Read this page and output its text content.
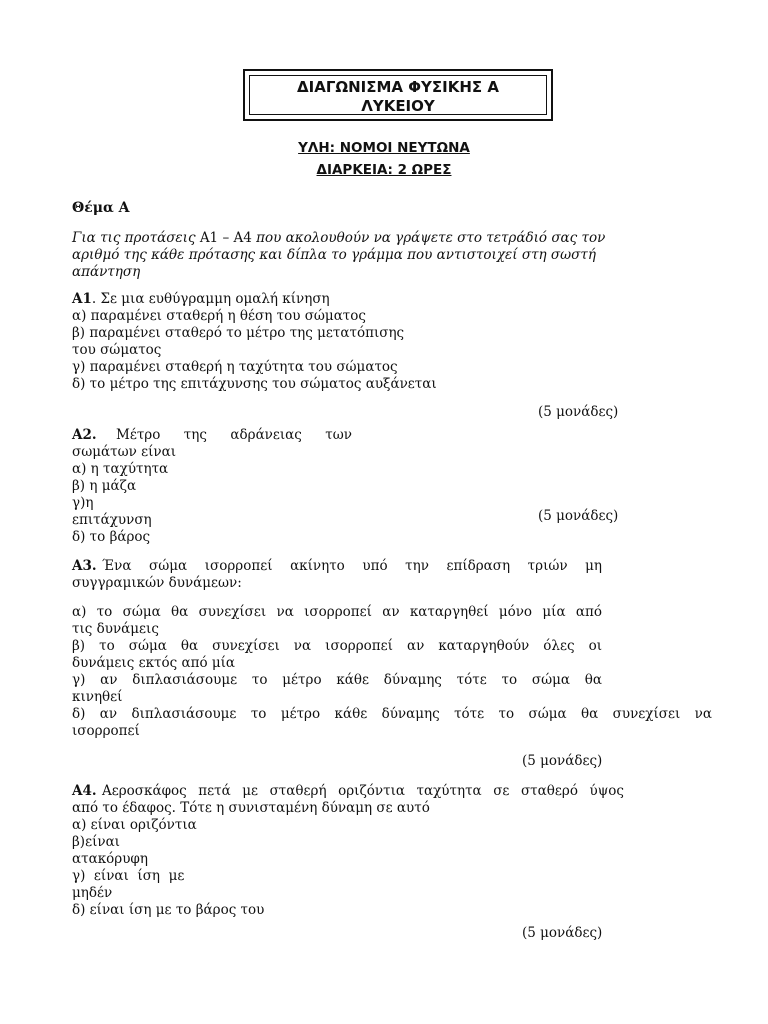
ΔΙΑΓΩΝΙΣΜΑ ΦΥΣΙΚΗΣ Α
ΛΥΚΕΙΟΥ
ΥΛΗ: ΝΟΜΟΙ ΝΕΥΤΩΝΑ
ΔΙΑΡΚΕΙΑ: 2 ΩΡΕΣ
Θέμα Α
Για τις προτάσεις Α1 – Α4 που ακολουθούν να γράψετε στο τετράδιό σας τον
αριθμό της κάθε πρότασης και δίπλα το γράμμα που αντιστοιχεί στη σωστή
απάντηση
Α1. Σε μια ευθύγραμμη ομαλή κίνηση
α) παραμένει σταθερή η θέση του σώματος
β) παραμένει σταθερό το μέτρο της μετατόπισης
του σώματος
γ) παραμένει σταθερή η ταχύτητα του σώματος
δ) το μέτρο της επιτάχυνσης του σώματος αυξάνεται
(5 μονάδες)
Α2. Μέτρο της αδράνειας των
σωμάτων είναι
α) η ταχύτητα
β) η μάζα
γ)η
επιτάχυνση	(5 μονάδες)
δ) το βάρος
Α3. Ένα σώμα ισορροπεί ακίνητο υπό την επίδραση τριών μη
συγγραμικών δυνάμεων:
α) το σώμα θα συνεχίσει να ισορροπεί αν καταργηθεί μόνο μία από
τις δυνάμεις
β) το σώμα θα συνεχίσει να ισορροπεί αν καταργηθούν όλες οι
δυνάμεις εκτός από μία
γ) αν διπλασιάσουμε το μέτρο κάθε δύναμης τότε το σώμα θα
κινηθεί
δ) αν διπλασιάσουμε το μέτρο κάθε δύναμης τότε το σώμα θα συνεχίσει να
ισορροπεί
(5 μονάδες)
Α4. Αεροσκάφος πετά με σταθερή οριζόντια ταχύτητα σε σταθερό ύψος
από το έδαφος. Τότε η συνισταμένη δύναμη σε αυτό
α) είναι οριζόντια
β)είναι
ατακόρυφη
γ)  είναι  ίση  με
μηδέν
δ) είναι ίση με το βάρος του
(5 μονάδες)
